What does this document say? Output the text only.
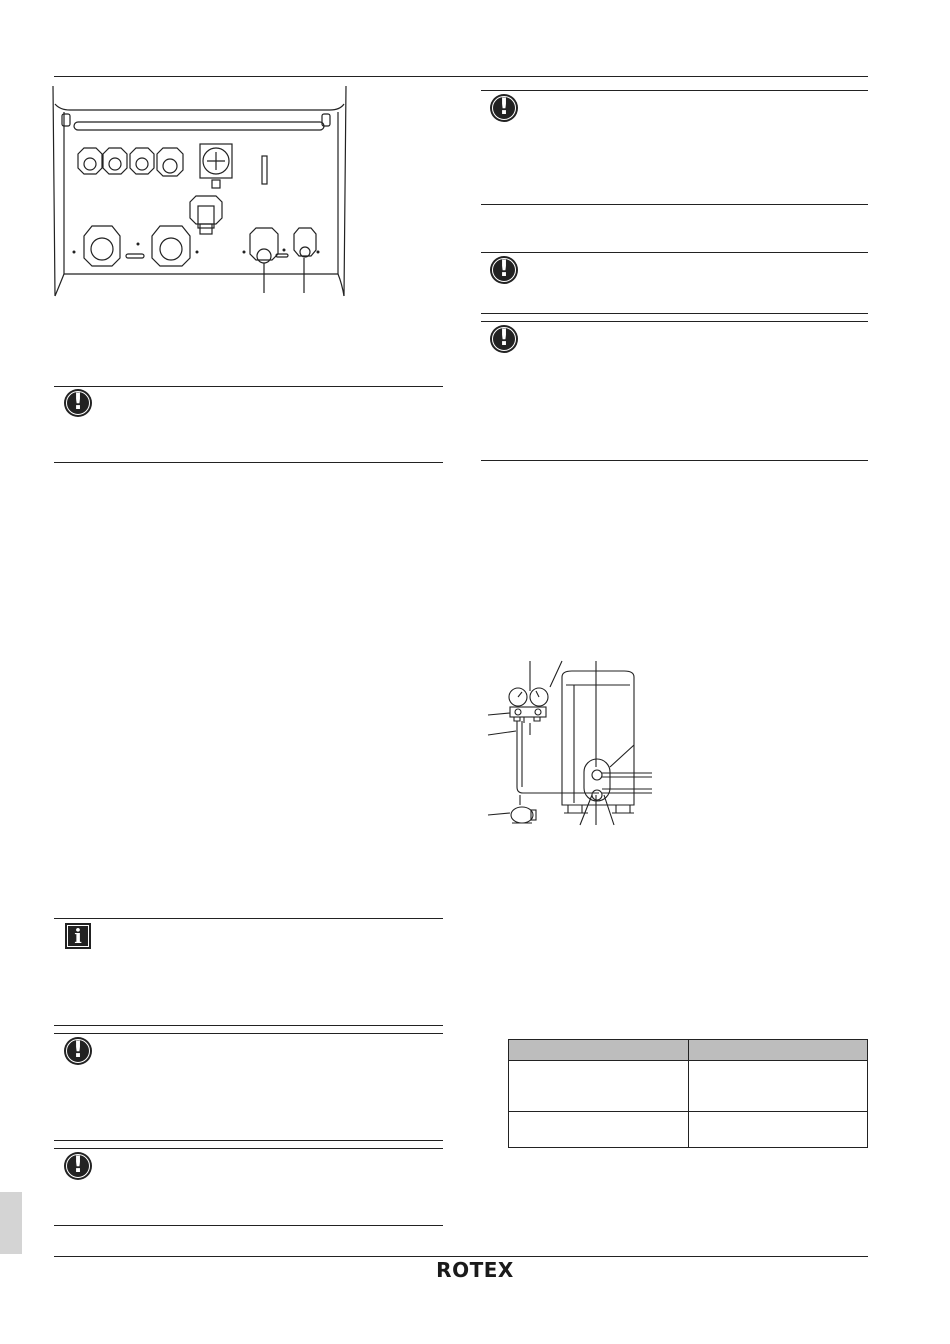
!
i
!
!
!
!
!

ROTEX
